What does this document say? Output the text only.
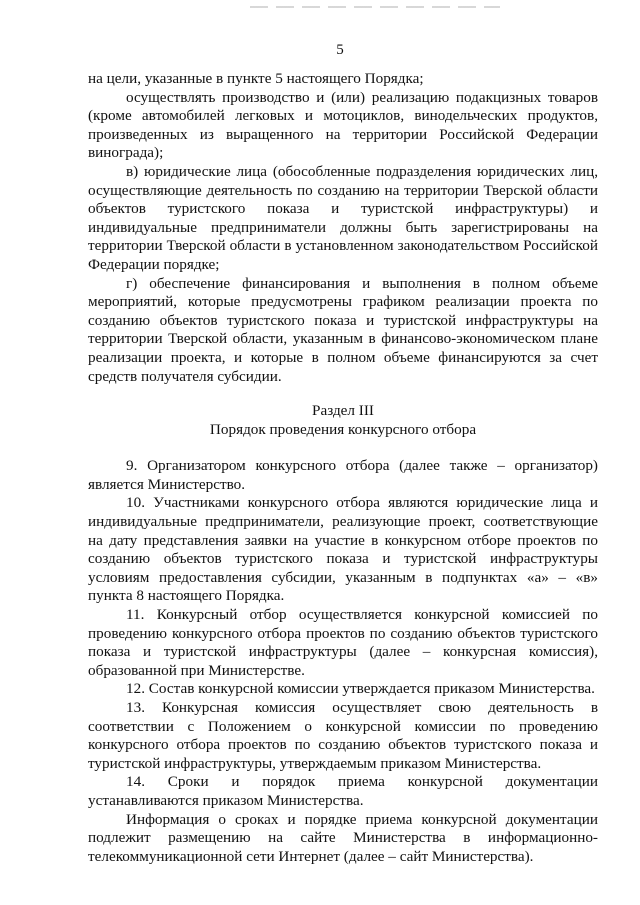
5

на цели, указанные в пункте 5 настоящего Порядка;

осуществлять производство и (или) реализацию подакцизных товаров (кроме автомобилей легковых и мотоциклов, винодельческих продуктов, произведенных из выращенного на территории Российской Федерации винограда);

в) юридические лица (обособленные подразделения юридических лиц, осуществляющие деятельность по созданию на территории Тверской области объектов туристского показа и туристской инфраструктуры) и индивидуальные предприниматели должны быть зарегистрированы на территории Тверской области в установленном законодательством Российской Федерации порядке;

г) обеспечение финансирования и выполнения в полном объеме мероприятий, которые предусмотрены графиком реализации проекта по созданию объектов туристского показа и туристской инфраструктуры на территории Тверской области, указанным в финансово-экономическом плане реализации проекта, и которые в полном объеме финансируются за счет средств получателя субсидии.

Раздел III

Порядок проведения конкурсного отбора

9. Организатором конкурсного отбора (далее также – организатор) является Министерство.

10. Участниками конкурсного отбора являются юридические лица и индивидуальные предприниматели, реализующие проект, соответствующие на дату представления заявки на участие в конкурсном отборе проектов по созданию объектов туристского показа и туристской инфраструктуры условиям предоставления субсидии, указанным в подпунктах «а» – «в» пункта 8 настоящего Порядка.

11. Конкурсный отбор осуществляется конкурсной комиссией по проведению конкурсного отбора проектов по созданию объектов туристского показа и туристской инфраструктуры (далее – конкурсная комиссия), образованной при Министерстве.

12. Состав конкурсной комиссии утверждается приказом Министерства.

13. Конкурсная комиссия осуществляет свою деятельность в соответствии с Положением о конкурсной комиссии по проведению конкурсного отбора проектов по созданию объектов туристского показа и туристской инфраструктуры, утверждаемым приказом Министерства.

14. Сроки и порядок приема конкурсной документации устанавливаются приказом Министерства.

Информация о сроках и порядке приема конкурсной документации подлежит размещению на сайте Министерства в информационно-телекоммуникационной сети Интернет (далее – сайт Министерства).
